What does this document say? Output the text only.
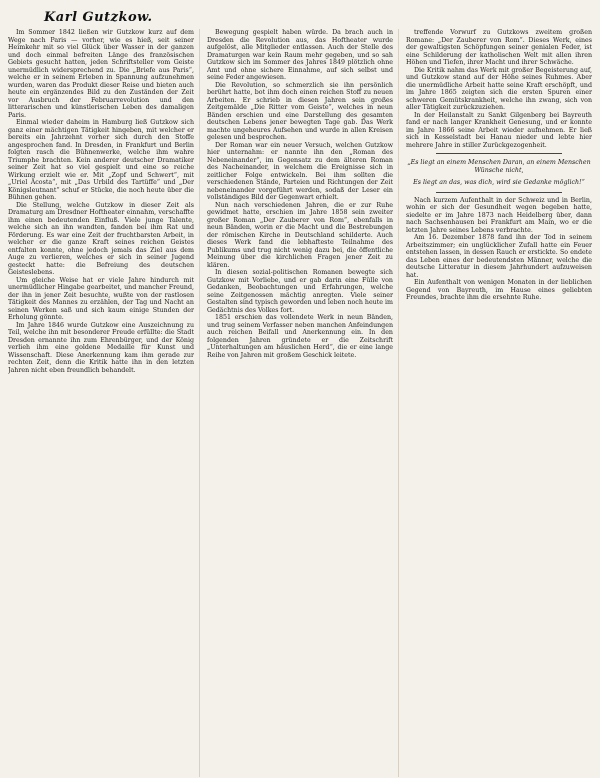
Karl Gutzkow.

Im Sommer 1842 ließen wir Gutzkow kurz auf dem Wege nach Paris — vorher, wie es hieß, seit seiner Heimkehr mit so viel Glück über Wasser in der ganzen und doch einmal befreiten Länge des französischen Gebiets gesucht hatten, jeden Schriftsteller vom Geiste unermüdlich widersprechend zu. Die „Briefe aus Paris“, welche er in seinem Erleben in Spannung aufzunehmen wurden, waren das Produkt dieser Reise und bieten auch heute ein ergänzendes Bild zu den Zuständen der Zeit vor Ausbruch der Februarrevolution und den litterarischen und künstlerischen Leben des damaligen Paris.

Einmal wieder daheim in Hamburg ließ Gutzkow sich ganz einer mächtigen Tätigkeit hingeben, mit welcher er bereits ein Jahrzehnt vorher sich durch den Stoffe angesprochen fand. In Dresden, in Frankfurt und Berlin folgten rasch die Bühnenwerke, welche ihm wahre Triumphe brachten. Kein anderer deutscher Dramatiker seiner Zeit hat so viel gespielt und eine so reiche Wirkung erzielt wie er. Mit „Zopf und Schwert“, mit „Uriel Acosta“, mit „Das Urbild des Tartüffe“ und „Der Königsleutnant“ schuf er Stücke, die noch heute über die Bühnen gehen.

Die Stellung, welche Gutzkow in dieser Zeit als Dramaturg am Dresdner Hoftheater einnahm, verschaffte ihm einen bedeutenden Einfluß. Viele junge Talente, welche sich an ihn wandten, fanden bei ihm Rat und Förderung. Es war eine Zeit der fruchtbarsten Arbeit, in welcher er die ganze Kraft seines reichen Geistes entfalten konnte, ohne jedoch jemals das Ziel aus dem Auge zu verlieren, welches er sich in seiner Jugend gesteckt hatte: die Befreiung des deutschen Geisteslebens.

Um gleiche Weise hat er viele Jahre hindurch mit unermüdlicher Hingabe gearbeitet, und mancher Freund, der ihn in jener Zeit besuchte, wußte von der rastlosen Tätigkeit des Mannes zu erzählen, der Tag und Nacht an seinen Werken saß und sich kaum einige Stunden der Erholung gönnte.

Im Jahre 1846 wurde Gutzkow eine Auszeichnung zu Teil, welche ihn mit besonderer Freude erfüllte: die Stadt Dresden ernannte ihn zum Ehrenbürger, und der König verlieh ihm eine goldene Medaille für Kunst und Wissenschaft. Diese Anerkennung kam ihm gerade zur rechten Zeit, denn die Kritik hatte ihn in den letzten Jahren nicht eben freundlich behandelt.

Bewegung gespielt haben würde. Da brach auch in Dresden die Revolution aus, das Hoftheater wurde aufgelöst, alle Mitglieder entlassen. Auch der Stelle des Dramaturgen war kein Raum mehr gegeben, und so sah Gutzkow sich im Sommer des Jahres 1849 plötzlich ohne Amt und ohne sichere Einnahme, auf sich selbst und seine Feder angewiesen.

Die Revolution, so schmerzlich sie ihn persönlich berührt hatte, bot ihm doch einen reichen Stoff zu neuen Arbeiten. Er schrieb in diesen Jahren sein großes Zeitgemälde „Die Ritter vom Geiste“, welches in neun Bänden erschien und eine Darstellung des gesamten deutschen Lebens jener bewegten Tage gab. Das Werk machte ungeheures Aufsehen und wurde in allen Kreisen gelesen und besprochen.

Der Roman war ein neuer Versuch, welchen Gutzkow hier unternahm: er nannte ihn den „Roman des Nebeneinander“, im Gegensatz zu dem älteren Roman des Nacheinander, in welchem die Ereignisse sich in zeitlicher Folge entwickeln. Bei ihm sollten die verschiedenen Stände, Parteien und Richtungen der Zeit nebeneinander vorgeführt werden, sodaß der Leser ein vollständiges Bild der Gegenwart erhielt.

Nun nach verschiedenen Jahren, die er zur Ruhe gewidmet hatte, erschien im Jahre 1858 sein zweiter großer Roman „Der Zauberer von Rom“, ebenfalls in neun Bänden, worin er die Macht und die Bestrebungen der römischen Kirche in Deutschland schilderte. Auch dieses Werk fand die lebhafteste Teilnahme des Publikums und trug nicht wenig dazu bei, die öffentliche Meinung über die kirchlichen Fragen jener Zeit zu klären.

In diesen sozial-politischen Romanen bewegte sich Gutzkow mit Vorliebe, und er gab darin eine Fülle von Gedanken, Beobachtungen und Erfahrungen, welche seine Zeitgenossen mächtig anregten. Viele seiner Gestalten sind typisch geworden und leben noch heute im Gedächtnis des Volkes fort.

1851 erschien das vollendete Werk in neun Bänden, und trug seinem Verfasser neben manchen Anfeindungen auch reichen Beifall und Anerkennung ein. In den folgenden Jahren gründete er die Zeitschrift „Unterhaltungen am häuslichen Herd“, die er eine lange Reihe von Jahren mit großem Geschick leitete.

treffende Vorwurf zu Gutzkows zweitem großen Romane: „Der Zauberer von Rom“. Dieses Werk, eines der gewaltigsten Schöpfungen seiner genialen Feder, ist eine Schilderung der katholischen Welt mit allen ihren Höhen und Tiefen, ihrer Macht und ihrer Schwäche.

Die Kritik nahm das Werk mit großer Begeisterung auf, und Gutzkow stand auf der Höhe seines Ruhmes. Aber die unermüdliche Arbeit hatte seine Kraft erschöpft, und im Jahre 1865 zeigten sich die ersten Spuren einer schweren Gemütskrankheit, welche ihn zwang, sich von aller Tätigkeit zurückzuziehen.

In der Heilanstalt zu Sankt Gilgenberg bei Bayreuth fand er nach langer Krankheit Genesung, und er konnte im Jahre 1866 seine Arbeit wieder aufnehmen. Er ließ sich in Kesselstadt bei Hanau nieder und lebte hier mehrere Jahre in stiller Zurückgezogenheit.

„Es liegt an einem Menschen Daran, an einem Menschen Wünsche nicht,

Es liegt an das, was dich, wird sie Gedanke möglich!“

Nach kurzem Aufenthalt in der Schweiz und in Berlin, wohin er sich der Gesundheit wegen begeben hatte, siedelte er im Jahre 1873 nach Heidelberg über, dann nach Sachsenhausen bei Frankfurt am Main, wo er die letzten Jahre seines Lebens verbrachte.

Am 16. Dezember 1878 fand ihn der Tod in seinem Arbeitszimmer; ein unglücklicher Zufall hatte ein Feuer entstehen lassen, in dessen Rauch er erstickte. So endete das Leben eines der bedeutendsten Männer, welche die deutsche Litteratur in diesem Jahrhundert aufzuweisen hat.

Ein Aufenthalt von wenigen Monaten in der lieblichen Gegend von Bayreuth, im Hause eines geliebten Freundes, brachte ihm die ersehnte Ruhe.
